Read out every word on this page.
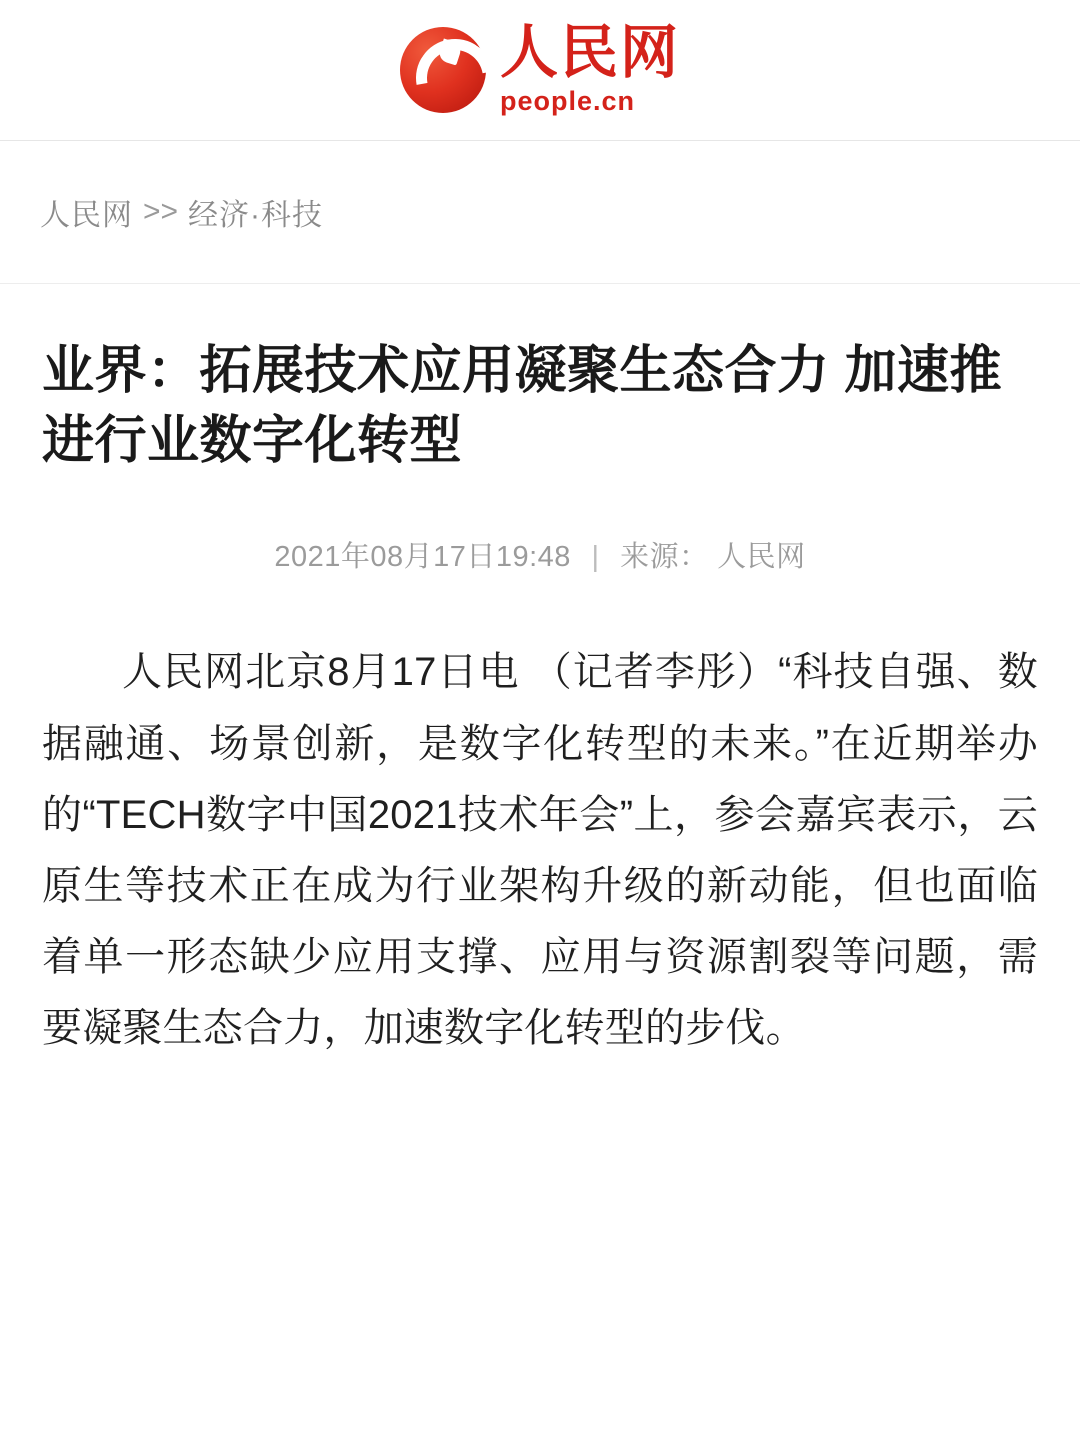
人民网
people.cn
人民网 >> 经济·科技
业界：拓展技术应用凝聚生态合力 加速推进行业数字化转型
2021年08月17日19:48 | 来源： 人民网

人民网北京8月17日电 （记者李彤）“科技自强、数据融通、场景创新，是数字化转型的未来。”在近期举办的“TECH数字中国2021技术年会”上，参会嘉宾表示，云原生等技术正在成为行业架构升级的新动能，但也面临着单一形态缺少应用支撑、应用与资源割裂等问题，需要凝聚生态合力，加速数字化转型的步伐。
